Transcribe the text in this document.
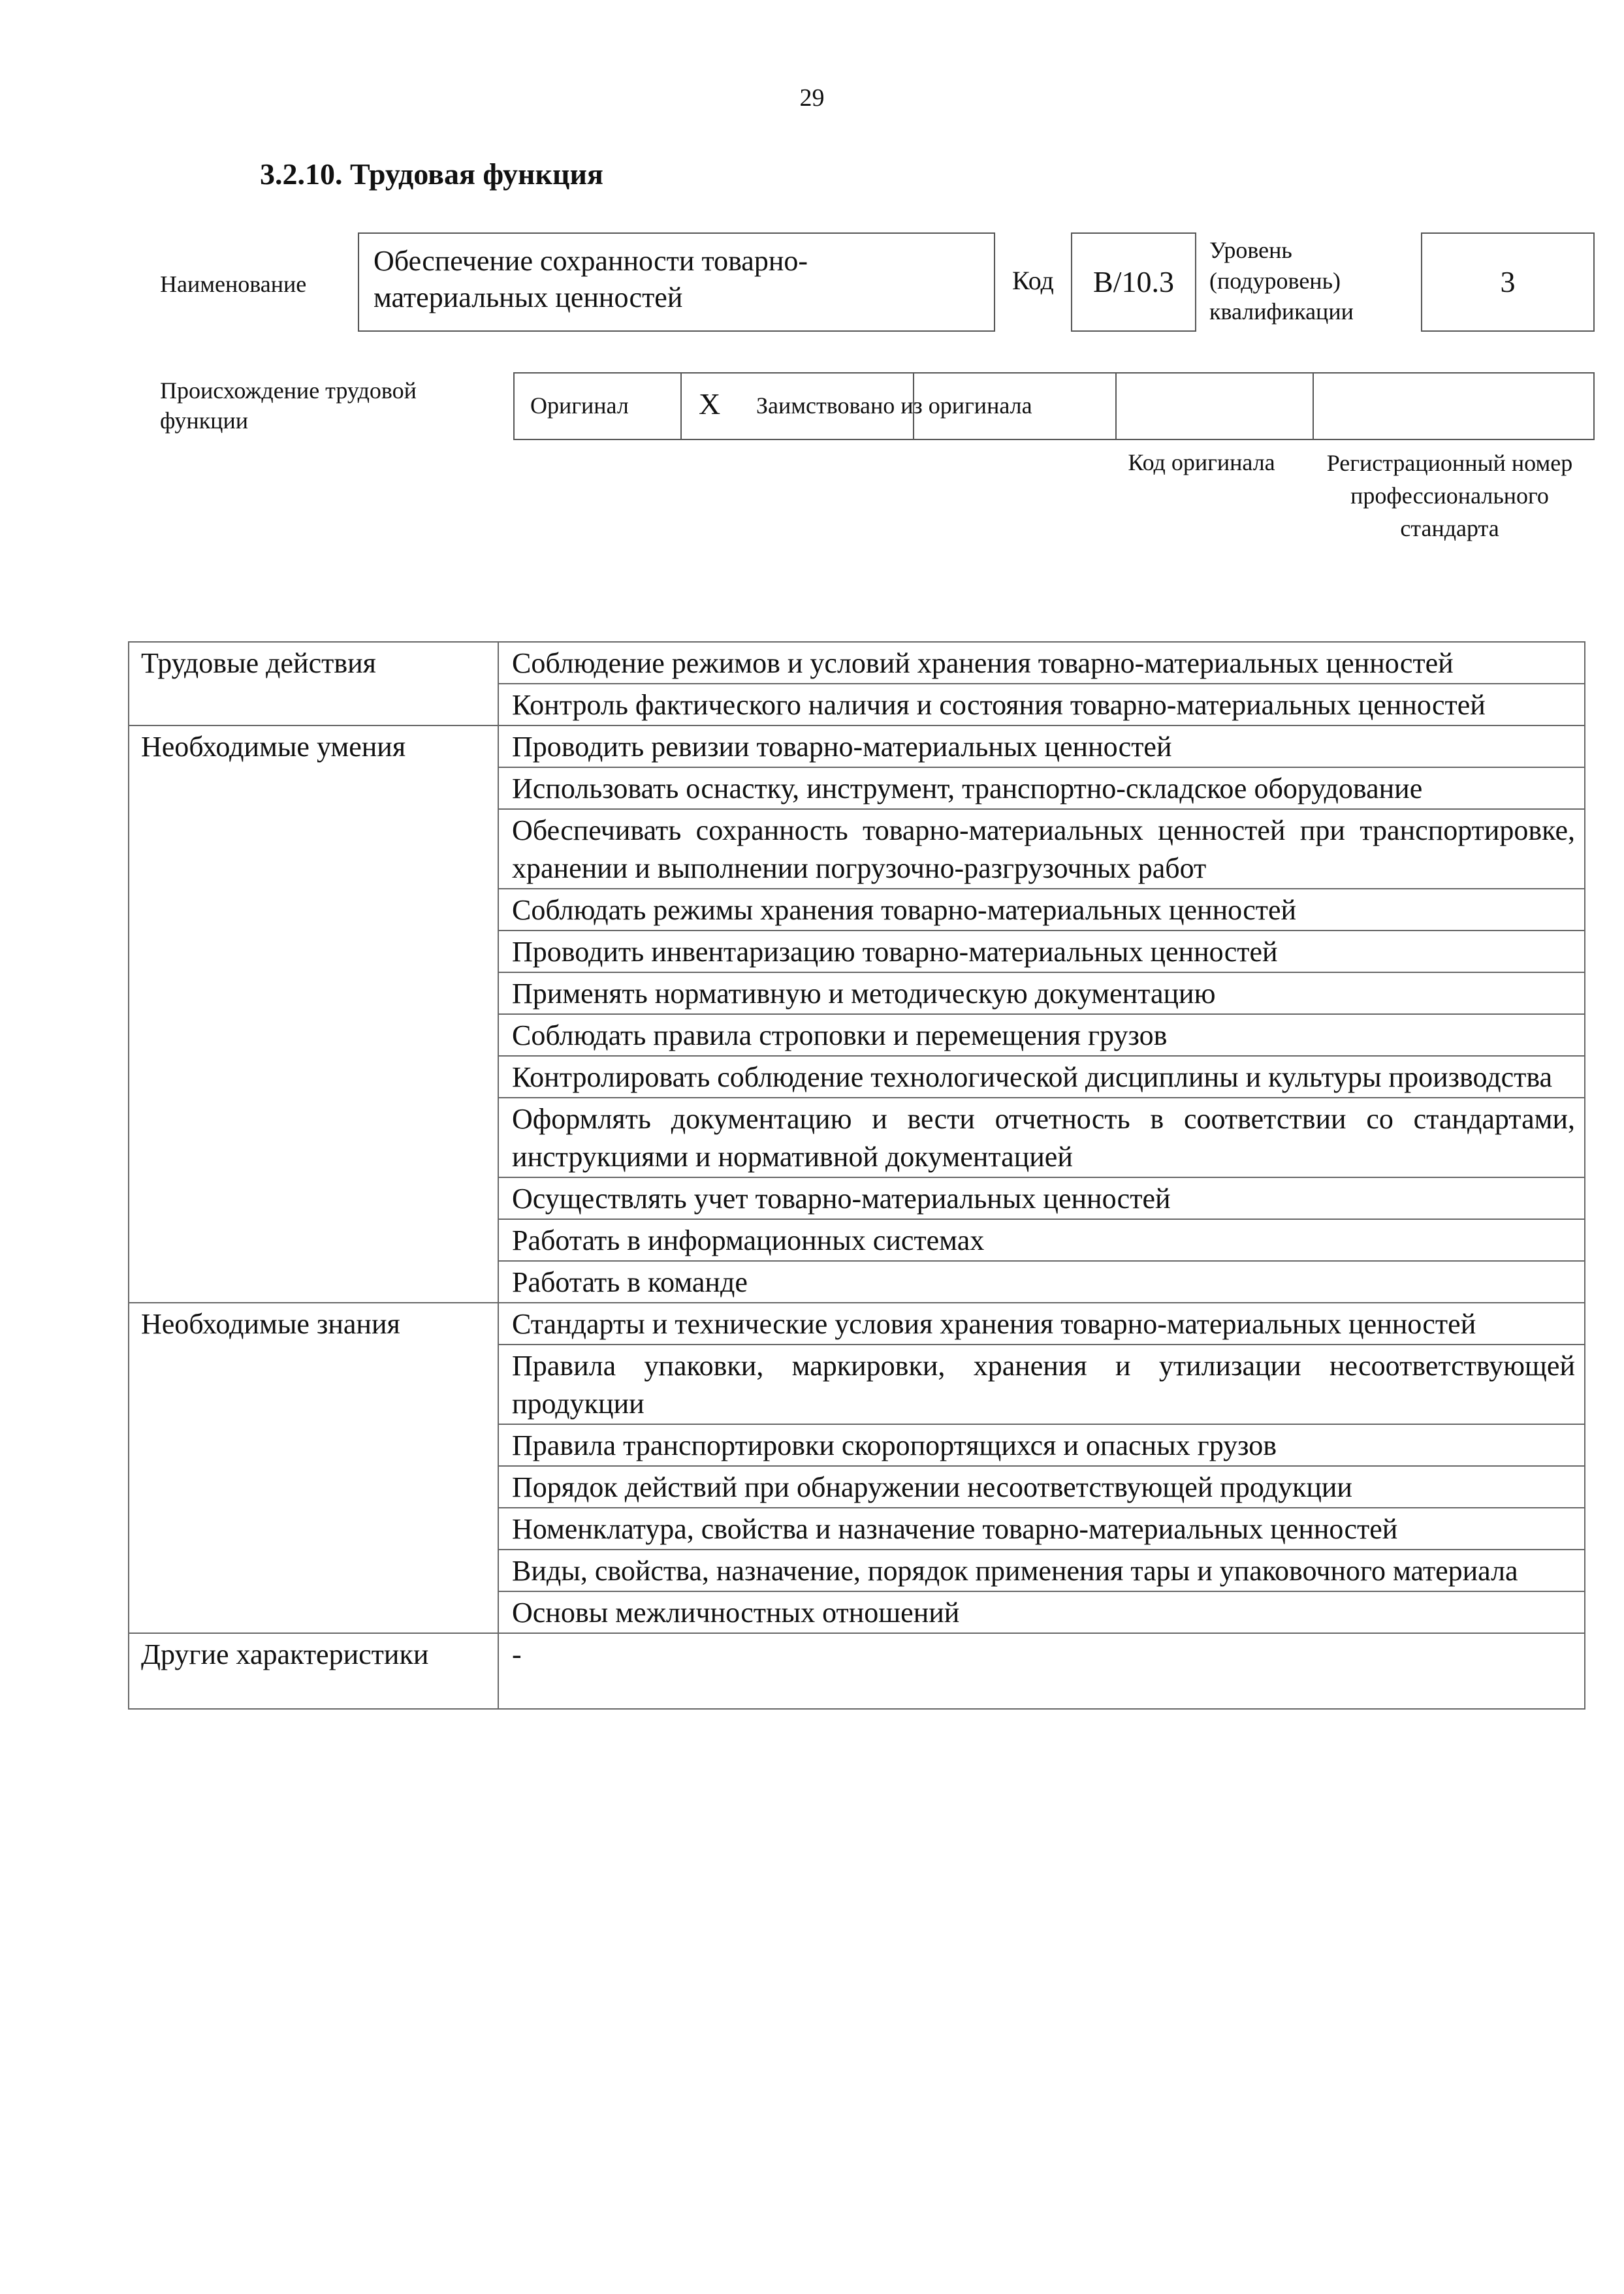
29
3.2.10. Трудовая функция
Наименование
Обеспечение сохранности товарно-материальных ценностей
Код	B/10.3
Уровень (подуровень) квалификации
3
Происхождение трудовой функции
Оригинал X Заимствовано из оригинала
Код оригинала	Регистрационный номер профессионального стандарта
Трудовые действия	Соблюдение режимов и условий хранения товарно-материальных ценностей
	Контроль фактического наличия и состояния товарно-материальных ценностей
Необходимые умения	Проводить ревизии товарно-материальных ценностей
	Использовать оснастку, инструмент, транспортно-складское оборудование
	Обеспечивать сохранность товарно-материальных ценностей при транспортировке, хранении и выполнении погрузочно-разгрузочных работ
	Соблюдать режимы хранения товарно-материальных ценностей
	Проводить инвентаризацию товарно-материальных ценностей
	Применять нормативную и методическую документацию
	Соблюдать правила строповки и перемещения грузов
	Контролировать соблюдение технологической дисциплины и культуры производства
	Оформлять документацию и вести отчетность в соответствии со стандартами, инструкциями и нормативной документацией
	Осуществлять учет товарно-материальных ценностей
	Работать в информационных системах
	Работать в команде
Необходимые знания	Стандарты и технические условия хранения товарно-материальных ценностей
	Правила упаковки, маркировки, хранения и утилизации несоответствующей продукции
	Правила транспортировки скоропортящихся и опасных грузов
	Порядок действий при обнаружении несоответствующей продукции
	Номенклатура, свойства и назначение товарно-материальных ценностей
	Виды, свойства, назначение, порядок применения тары и упаковочного материала
	Основы межличностных отношений
Другие характеристики	-
